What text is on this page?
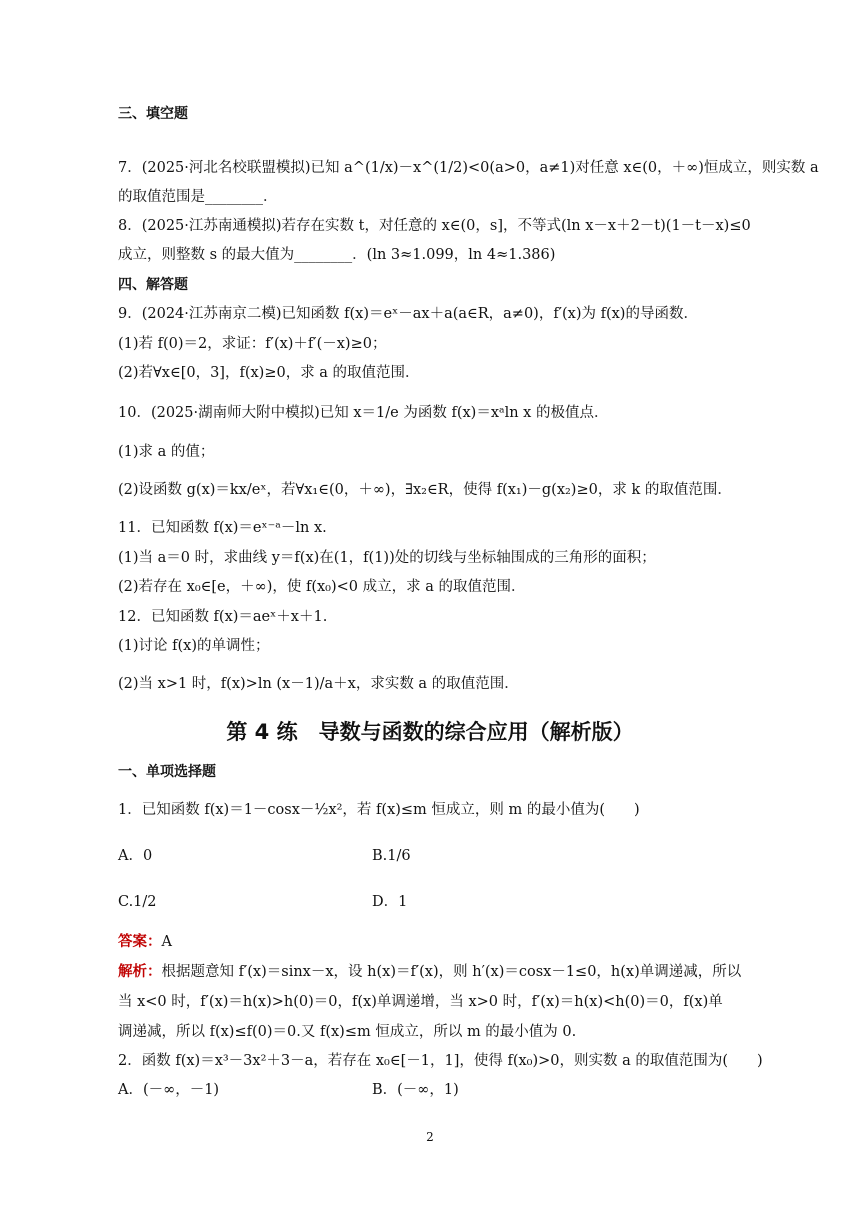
三、填空题
7．(2025·河北名校联盟模拟)已知 a^(1/x)－x^(1/2)<0(a>0，a≠1)对任意 x∈(0，＋∞)恒成立，则实数 a
的取值范围是________．
8．(2025·江苏南通模拟)若存在实数 t，对任意的 x∈(0，s]，不等式(ln x－x＋2－t)(1－t－x)≤0
成立，则整数 s 的最大值为________．(ln 3≈1.099，ln 4≈1.386)
四、解答题
9．(2024·江苏南京二模)已知函数 f(x)＝eˣ－ax＋a(a∈R，a≠0)，f′(x)为 f(x)的导函数．
(1)若 f(0)＝2，求证：f′(x)＋f′(－x)≥0；
(2)若∀x∈[0，3]，f(x)≥0，求 a 的取值范围．
10．(2025·湖南师大附中模拟)已知 x＝1/e 为函数 f(x)＝xᵃln x 的极值点．
(1)求 a 的值；
(2)设函数 g(x)＝kx/eˣ，若∀x₁∈(0，＋∞)，∃x₂∈R，使得 f(x₁)－g(x₂)≥0，求 k 的取值范围．
11．已知函数 f(x)＝eˣ⁻ᵃ－ln x.
(1)当 a＝0 时，求曲线 y＝f(x)在(1，f(1))处的切线与坐标轴围成的三角形的面积；
(2)若存在 x₀∈[e，＋∞)，使 f(x₀)<0 成立，求 a 的取值范围．
12．已知函数 f(x)＝aeˣ＋x＋1.
(1)讨论 f(x)的单调性；
(2)当 x>1 时，f(x)>ln (x－1)/a＋x，求实数 a 的取值范围．
第 4 练　导数与函数的综合应用（解析版）
一、单项选择题
1．已知函数 f(x)＝1－cosx－½x²，若 f(x)≤m 恒成立，则 m 的最小值为(　　)
A．0	B.1/6
C.1/2	D．1
答案：A
解析：根据题意知 f′(x)＝sinx－x，设 h(x)＝f′(x)，则 h′(x)＝cosx－1≤0，h(x)单调递减，所以
当 x<0 时，f′(x)＝h(x)>h(0)＝0，f(x)单调递增，当 x>0 时，f′(x)＝h(x)<h(0)＝0，f(x)单
调递减，所以 f(x)≤f(0)＝0.又 f(x)≤m 恒成立，所以 m 的最小值为 0.
2．函数 f(x)＝x³－3x²＋3－a，若存在 x₀∈[－1，1]，使得 f(x₀)>0，则实数 a 的取值范围为(　　)
A．(－∞，－1)	B．(－∞，1)
2
